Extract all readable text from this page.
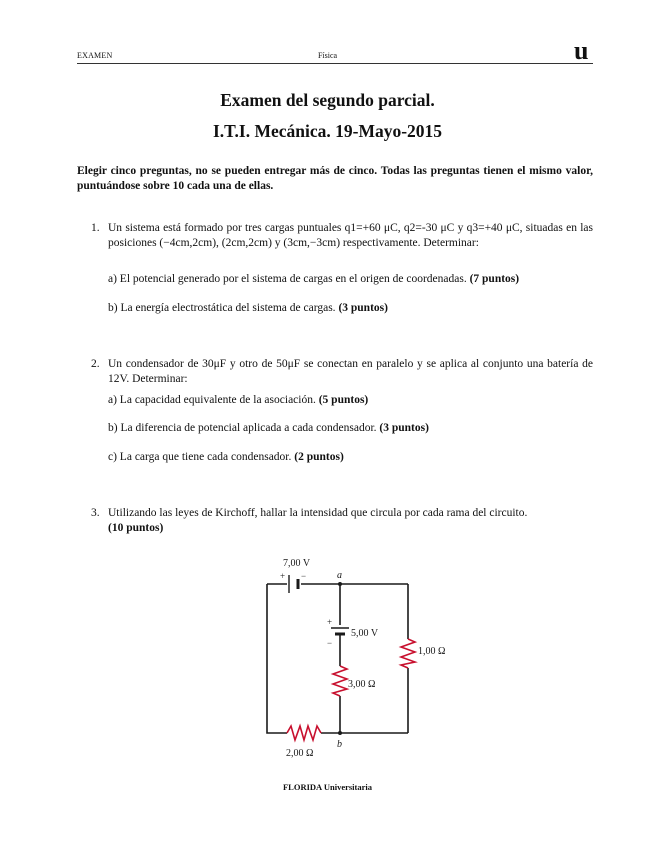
EXAMEN	Física	u
Examen del segundo parcial.
I.T.I. Mecánica. 19-Mayo-2015
Elegir cinco preguntas, no se pueden entregar más de cinco. Todas las preguntas tienen el mismo valor, puntuándose sobre 10 cada una de ellas.
1. Un sistema está formado por tres cargas puntuales q1=+60 μC, q2=-30 μC y q3=+40 μC, situadas en las posiciones (−4cm,2cm), (2cm,2cm) y (3cm,−3cm) respectivamente. Determinar:
a) El potencial generado por el sistema de cargas en el origen de coordenadas. (7 puntos)
b) La energía electrostática del sistema de cargas. (3 puntos)
2. Un condensador de 30μF y otro de 50μF se conectan en paralelo y se aplica al conjunto una batería de 12V. Determinar:
a) La capacidad equivalente de la asociación. (5 puntos)
b) La diferencia de potencial aplicada a cada condensador. (3 puntos)
c) La carga que tiene cada condensador. (2 puntos)
3. Utilizando las leyes de Kirchoff, hallar la intensidad que circula por cada rama del circuito.
(10 puntos)
7,00 V
+ −	a
+
−
5,00 V
1,00 Ω
3,00 Ω
2,00 Ω
b
FLORIDA Universitaria
